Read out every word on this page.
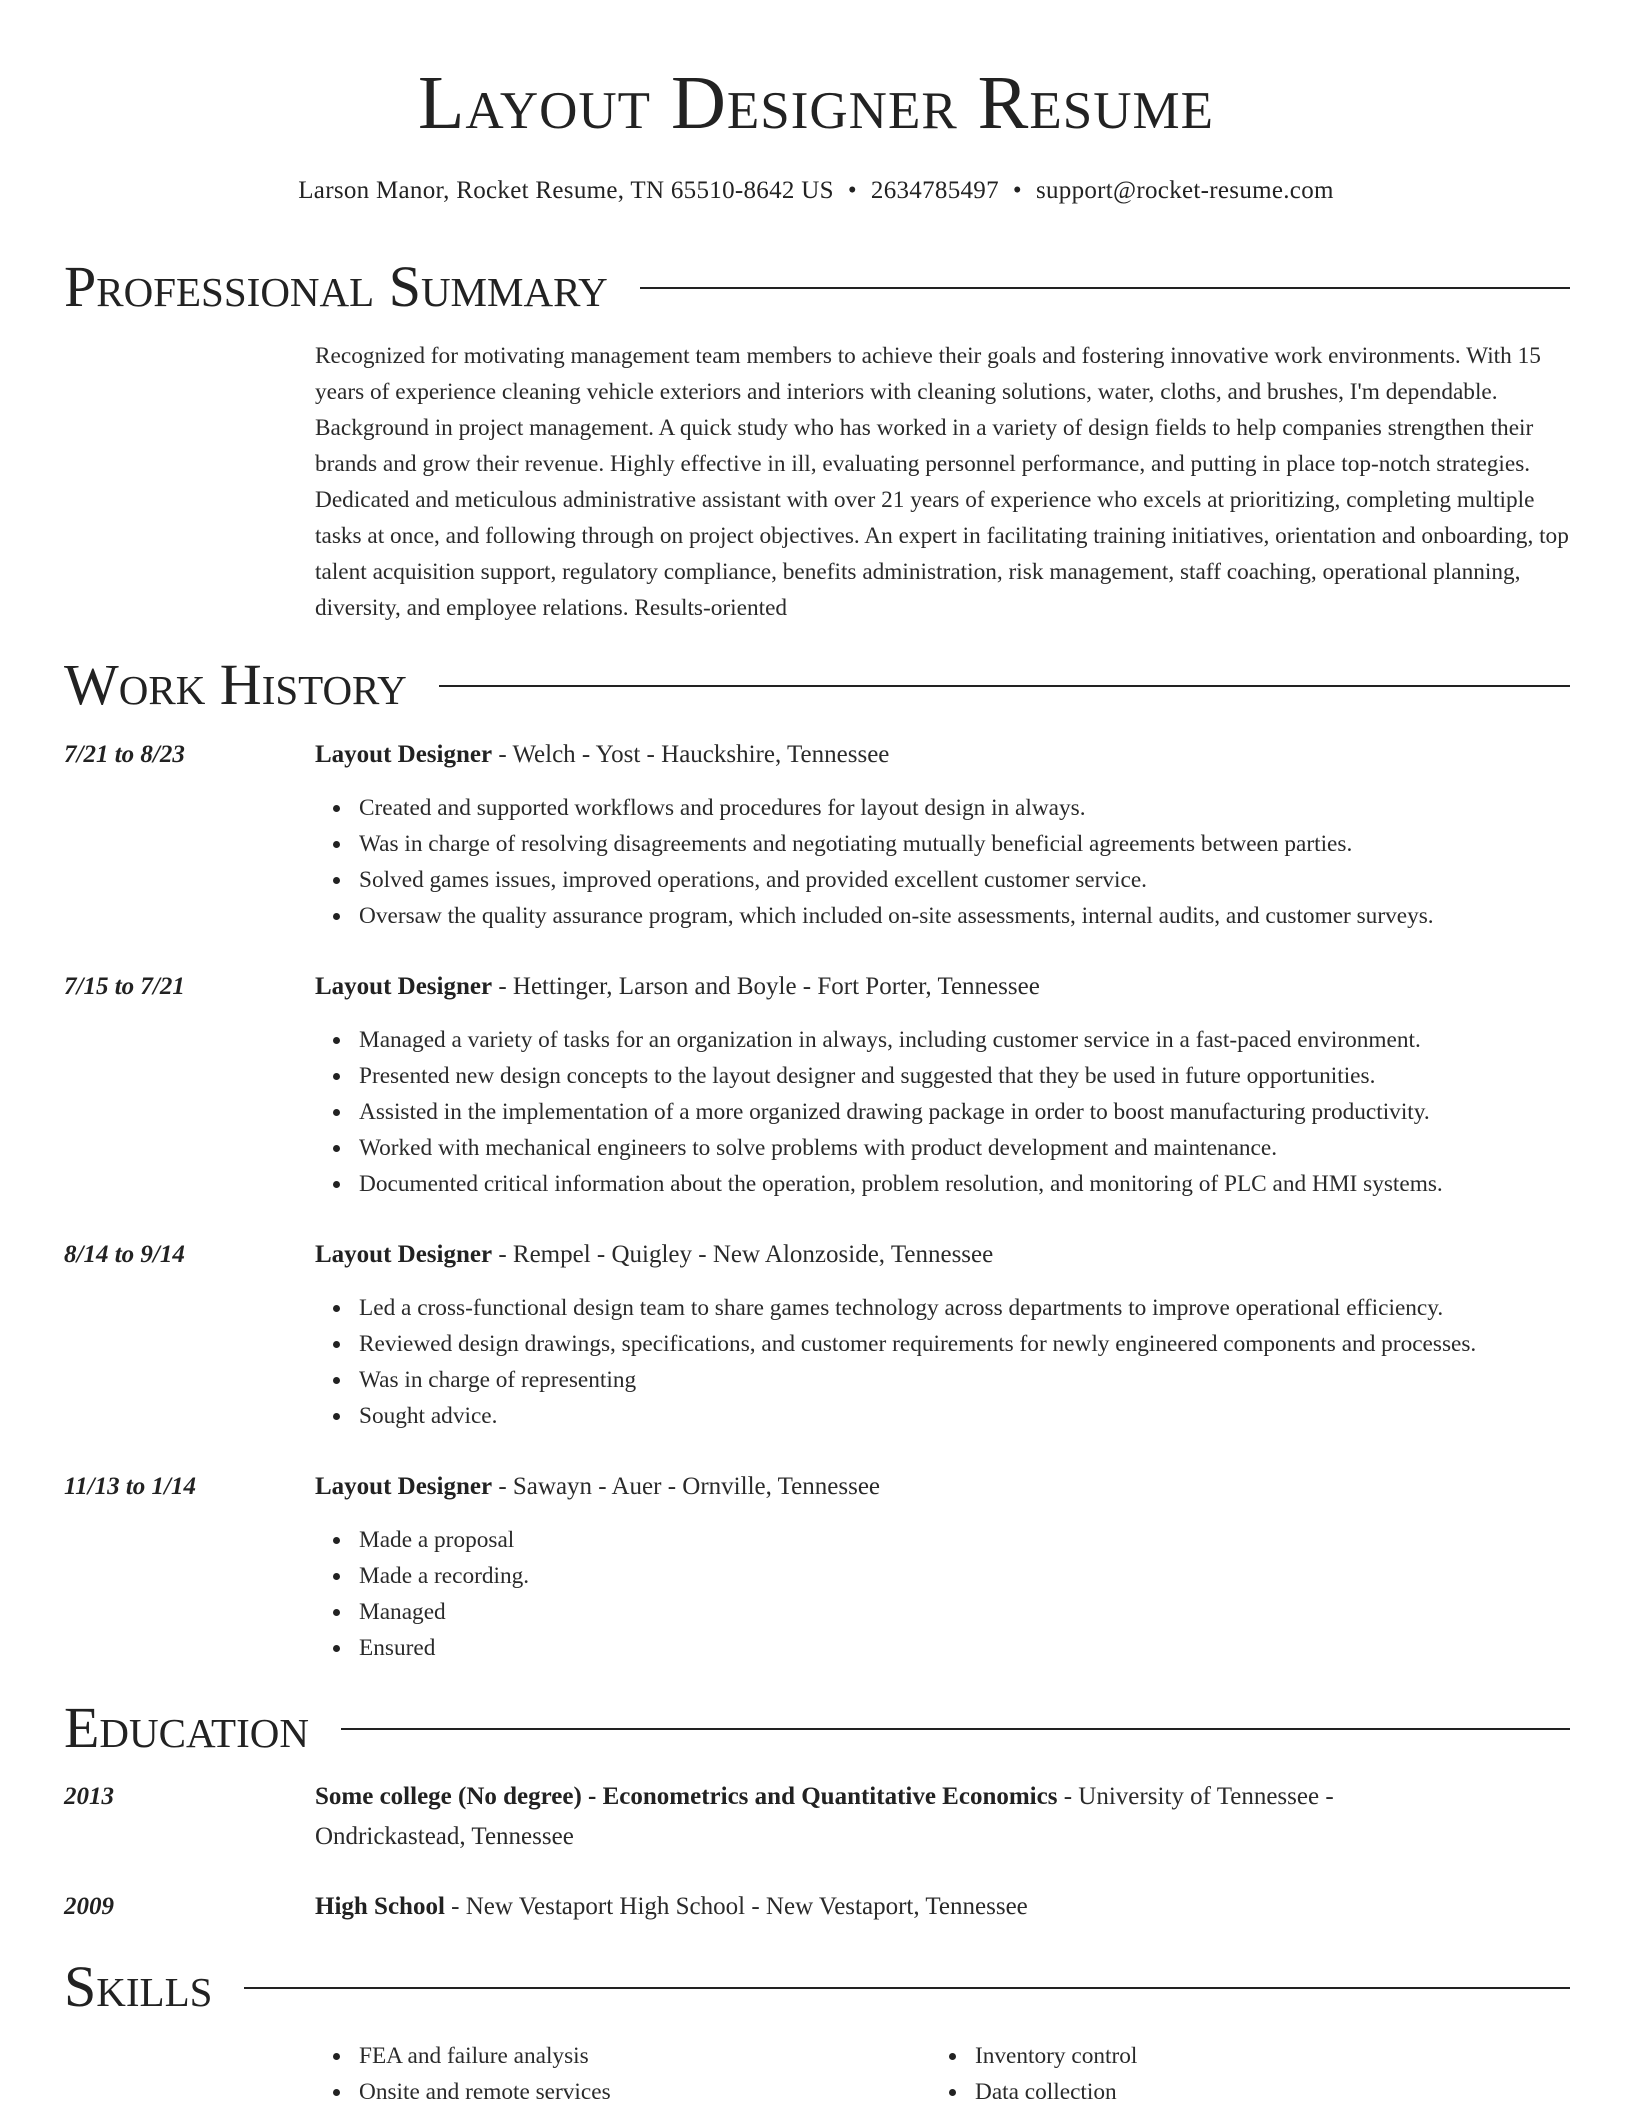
Layout Designer Resume
Larson Manor, Rocket Resume, TN 65510-8642 US • 2634785497 • support@rocket-resume.com
Professional Summary
Recognized for motivating management team members to achieve their goals and fostering innovative work environments. With 15 years of experience cleaning vehicle exteriors and interiors with cleaning solutions, water, cloths, and brushes, I'm dependable. Background in project management. A quick study who has worked in a variety of design fields to help companies strengthen their brands and grow their revenue. Highly effective in ill, evaluating personnel performance, and putting in place top-notch strategies. Dedicated and meticulous administrative assistant with over 21 years of experience who excels at prioritizing, completing multiple tasks at once, and following through on project objectives. An expert in facilitating training initiatives, orientation and onboarding, top talent acquisition support, regulatory compliance, benefits administration, risk management, staff coaching, operational planning, diversity, and employee relations. Results-oriented
Work History
7/21 to 8/23	Layout Designer - Welch - Yost - Hauckshire, Tennessee
Created and supported workflows and procedures for layout design in always.
Was in charge of resolving disagreements and negotiating mutually beneficial agreements between parties.
Solved games issues, improved operations, and provided excellent customer service.
Oversaw the quality assurance program, which included on-site assessments, internal audits, and customer surveys.
7/15 to 7/21	Layout Designer - Hettinger, Larson and Boyle - Fort Porter, Tennessee
Managed a variety of tasks for an organization in always, including customer service in a fast-paced environment.
Presented new design concepts to the layout designer and suggested that they be used in future opportunities.
Assisted in the implementation of a more organized drawing package in order to boost manufacturing productivity.
Worked with mechanical engineers to solve problems with product development and maintenance.
Documented critical information about the operation, problem resolution, and monitoring of PLC and HMI systems.
8/14 to 9/14	Layout Designer - Rempel - Quigley - New Alonzoside, Tennessee
Led a cross-functional design team to share games technology across departments to improve operational efficiency.
Reviewed design drawings, specifications, and customer requirements for newly engineered components and processes.
Was in charge of representing
Sought advice.
11/13 to 1/14	Layout Designer - Sawayn - Auer - Ornville, Tennessee
Made a proposal
Made a recording.
Managed
Ensured
Education
2013	Some college (No degree) - Econometrics and Quantitative Economics - University of Tennessee - Ondrickastead, Tennessee
2009	High School - New Vestaport High School - New Vestaport, Tennessee
Skills
FEA and failure analysis
Onsite and remote services
Inventory control
Data collection
